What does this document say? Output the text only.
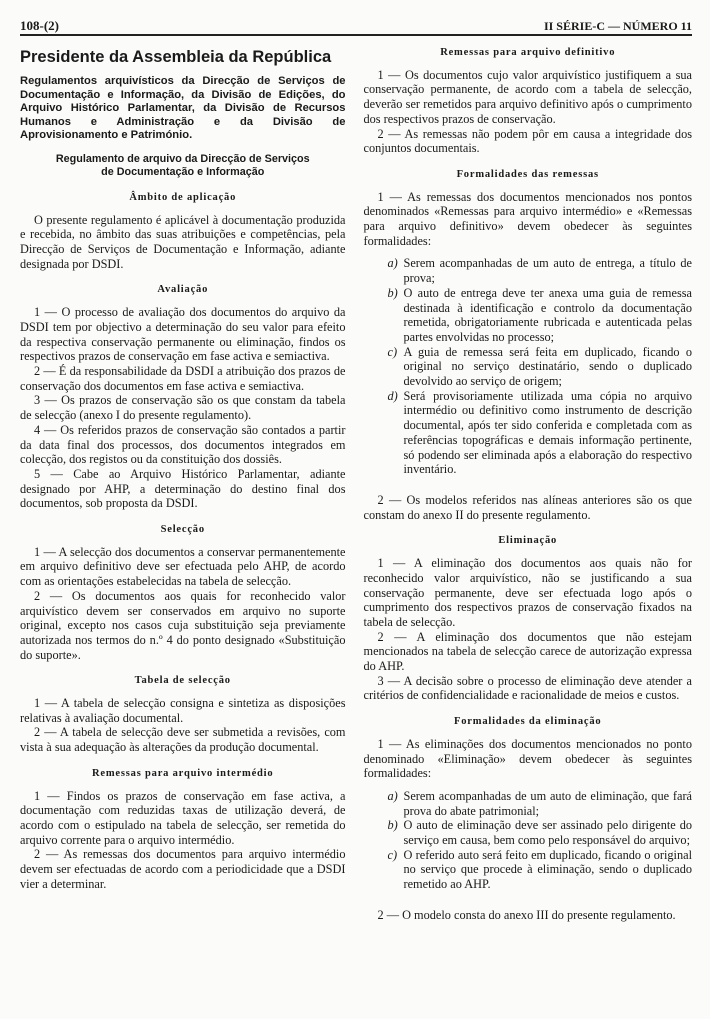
108-(2)	II SÉRIE-C — NÚMERO 11
Presidente da Assembleia da República
Regulamentos arquivísticos da Direcção de Serviços de Documentação e Informação, da Divisão de Edições, do Arquivo Histórico Parlamentar, da Divisão de Recursos Humanos e Administração e da Divisão de Aprovisionamento e Património.
Regulamento de arquivo da Direcção de Serviços de Documentação e Informação
Âmbito de aplicação

O presente regulamento é aplicável à documentação produzida e recebida, no âmbito das suas atribuições e competências, pela Direcção de Serviços de Documentação e Informação, adiante designada por DSDI.

Avaliação

1 — O processo de avaliação dos documentos do arquivo da DSDI tem por objectivo a determinação do seu valor para efeito da respectiva conservação permanente ou eliminação, findos os respectivos prazos de conservação em fase activa e semiactiva.

2 — É da responsabilidade da DSDI a atribuição dos prazos de conservação dos documentos em fase activa e semiactiva.

3 — Os prazos de conservação são os que constam da tabela de selecção (anexo I do presente regulamento).

4 — Os referidos prazos de conservação são contados a partir da data final dos processos, dos documentos integrados em colecção, dos registos ou da constituição dos dossiês.

5 — Cabe ao Arquivo Histórico Parlamentar, adiante designado por AHP, a determinação do destino final dos documentos, sob proposta da DSDI.

Selecção

1 — A selecção dos documentos a conservar permanentemente em arquivo definitivo deve ser efectuada pelo AHP, de acordo com as orientações estabelecidas na tabela de selecção.

2 — Os documentos aos quais for reconhecido valor arquivístico devem ser conservados em arquivo no suporte original, excepto nos casos cuja substituição seja previamente autorizada nos termos do n.º 4 do ponto designado «Substituição do suporte».

Tabela de selecção

1 — A tabela de selecção consigna e sintetiza as disposições relativas à avaliação documental.

2 — A tabela de selecção deve ser submetida a revisões, com vista à sua adequação às alterações da produção documental.

Remessas para arquivo intermédio

1 — Findos os prazos de conservação em fase activa, a documentação com reduzidas taxas de utilização deverá, de acordo com o estipulado na tabela de selecção, ser remetida do arquivo corrente para o arquivo intermédio.

2 — As remessas dos documentos para arquivo intermédio devem ser efectuadas de acordo com a periodicidade que a DSDI vier a determinar.

Remessas para arquivo definitivo

1 — Os documentos cujo valor arquivístico justifiquem a sua conservação permanente, de acordo com a tabela de selecção, deverão ser remetidos para arquivo definitivo após o cumprimento dos respectivos prazos de conservação.

2 — As remessas não podem pôr em causa a integridade dos conjuntos documentais.

Formalidades das remessas

1 — As remessas dos documentos mencionados nos pontos denominados «Remessas para arquivo intermédio» e «Remessas para arquivo definitivo» devem obedecer às seguintes formalidades:

a) Serem acompanhadas de um auto de entrega, a título de prova;
b) O auto de entrega deve ter anexa uma guia de remessa destinada à identificação e controlo da documentação remetida, obrigatoriamente rubricada e autenticada pelas partes envolvidas no processo;
c) A guia de remessa será feita em duplicado, ficando o original no serviço destinatário, sendo o duplicado devolvido ao serviço de origem;
d) Será provisoriamente utilizada uma cópia no arquivo intermédio ou definitivo como instrumento de descrição documental, após ter sido conferida e completada com as referências topográficas e demais informação pertinente, só podendo ser eliminada após a elaboração do respectivo inventário.

2 — Os modelos referidos nas alíneas anteriores são os que constam do anexo II do presente regulamento.

Eliminação

1 — A eliminação dos documentos aos quais não for reconhecido valor arquivístico, não se justificando a sua conservação permanente, deve ser efectuada logo após o cumprimento dos respectivos prazos de conservação fixados na tabela de selecção.

2 — A eliminação dos documentos que não estejam mencionados na tabela de selecção carece de autorização expressa do AHP.

3 — A decisão sobre o processo de eliminação deve atender a critérios de confidencialidade e racionalidade de meios e custos.

Formalidades da eliminação

1 — As eliminações dos documentos mencionados no ponto denominado «Eliminação» devem obedecer às seguintes formalidades:

a) Serem acompanhadas de um auto de eliminação, que fará prova do abate patrimonial;
b) O auto de eliminação deve ser assinado pelo dirigente do serviço em causa, bem como pelo responsável do arquivo;
c) O referido auto será feito em duplicado, ficando o original no serviço que procede à eliminação, sendo o duplicado remetido ao AHP.

2 — O modelo consta do anexo III do presente regulamento.
